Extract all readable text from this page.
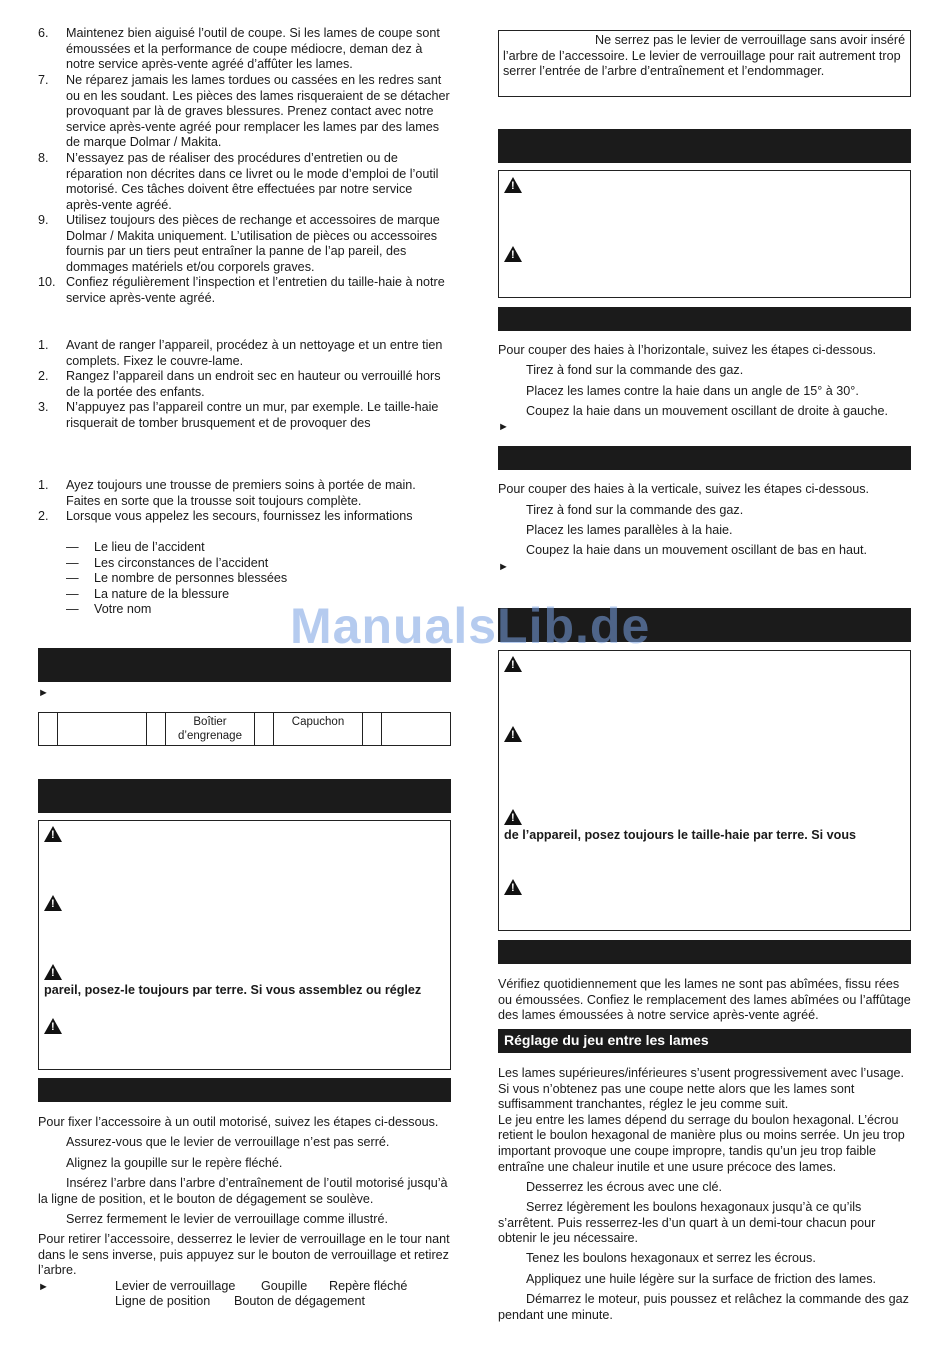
6. Maintenez bien aiguisé l’outil de coupe. Si les lames de coupe sont émoussées et la performance de coupe médiocre, deman dez à notre service après-vente agréé d’affûter les lames.
7. Ne réparez jamais les lames tordues ou cassées en les redres sant ou en les soudant. Les pièces des lames risqueraient de se détacher provoquant par là de graves blessures. Prenez contact avec notre service après-vente agréé pour remplacer les lames par des lames de marque Dolmar / Makita.
8. N’essayez pas de réaliser des procédures d’entretien ou de réparation non décrites dans ce livret ou le mode d’emploi de l’outil motorisé. Ces tâches doivent être effectuées par notre service après-vente agréé.
9. Utilisez toujours des pièces de rechange et accessoires de marque Dolmar / Makita uniquement. L’utilisation de pièces ou accessoires fournis par un tiers peut entraîner la panne de l’ap pareil, des dommages matériels et/ou corporels graves.
10. Confiez régulièrement l’inspection et l’entretien du taille-haie à notre service après-vente agréé.
1. Avant de ranger l’appareil, procédez à un nettoyage et un entre tien complets. Fixez le couvre-lame.
2. Rangez l’appareil dans un endroit sec en hauteur ou verrouillé hors de la portée des enfants.
3. N’appuyez pas l’appareil contre un mur, par exemple. Le taille-haie risquerait de tomber brusquement et de provoquer des
1. Ayez toujours une trousse de premiers soins à portée de main. Faites en sorte que la trousse soit toujours complète.
2. Lorsque vous appelez les secours, fournissez les informations
— Le lieu de l’accident
— Les circonstances de l’accident
— Le nombre de personnes blessées
— La nature de la blessure
— Votre nom
►
			Boîtier d’engrenage		Capuchon		
!
!
!
pareil, posez-le toujours par terre. Si vous assemblez ou réglez
!
Pour fixer l’accessoire à un outil motorisé, suivez les étapes ci-dessous.
Assurez-vous que le levier de verrouillage n’est pas serré.
Alignez la goupille sur le repère fléché.
Insérez l’arbre dans l’arbre d’entraînement de l’outil motorisé jusqu’à la ligne de position, et le bouton de dégagement se soulève.
Serrez fermement le levier de verrouillage comme illustré.
Pour retirer l’accessoire, desserrez le levier de verrouillage en le tour nant dans le sens inverse, puis appuyez sur le bouton de verrouillage et retirez l’arbre.
►	Levier de verrouillage Goupille Repère fléché
Ligne de position Bouton de dégagement
Ne serrez pas le levier de verrouillage sans avoir inséré l’arbre de l’accessoire. Le levier de verrouillage pour rait autrement trop serrer l’entrée de l’arbre d’entraînement et l’endommager.
!
!
Pour couper des haies à l’horizontale, suivez les étapes ci-dessous.
Tirez à fond sur la commande des gaz.
Placez les lames contre la haie dans un angle de 15° à 30°.
Coupez la haie dans un mouvement oscillant de droite à gauche.
►
Pour couper des haies à la verticale, suivez les étapes ci-dessous.
Tirez à fond sur la commande des gaz.
Placez les lames parallèles à la haie.
Coupez la haie dans un mouvement oscillant de bas en haut.
►
!
!
!
de l’appareil, posez toujours le taille-haie par terre. Si vous
!
Vérifiez quotidiennement que les lames ne sont pas abîmées, fissu rées ou émoussées. Confiez le remplacement des lames abîmées ou l’affûtage des lames émoussées à notre service après-vente agréé.
Réglage du jeu entre les lames
Les lames supérieures/inférieures s’usent progressivement avec l’usage. Si vous n’obtenez pas une coupe nette alors que les lames sont suffisamment tranchantes, réglez le jeu comme suit.
Le jeu entre les lames dépend du serrage du boulon hexagonal. L’écrou retient le boulon hexagonal de manière plus ou moins serrée. Un jeu trop important provoque une coupe impropre, tandis qu’un jeu trop faible entraîne une chaleur inutile et une usure précoce des lames.
Desserrez les écrous avec une clé.
Serrez légèrement les boulons hexagonaux jusqu’à ce qu’ils s’arrêtent. Puis resserrez-les d’un quart à un demi-tour chacun pour obtenir le jeu nécessaire.
Tenez les boulons hexagonaux et serrez les écrous.
Appliquez une huile légère sur la surface de friction des lames.
Démarrez le moteur, puis poussez et relâchez la commande des gaz pendant une minute.
ManualsLib.de
